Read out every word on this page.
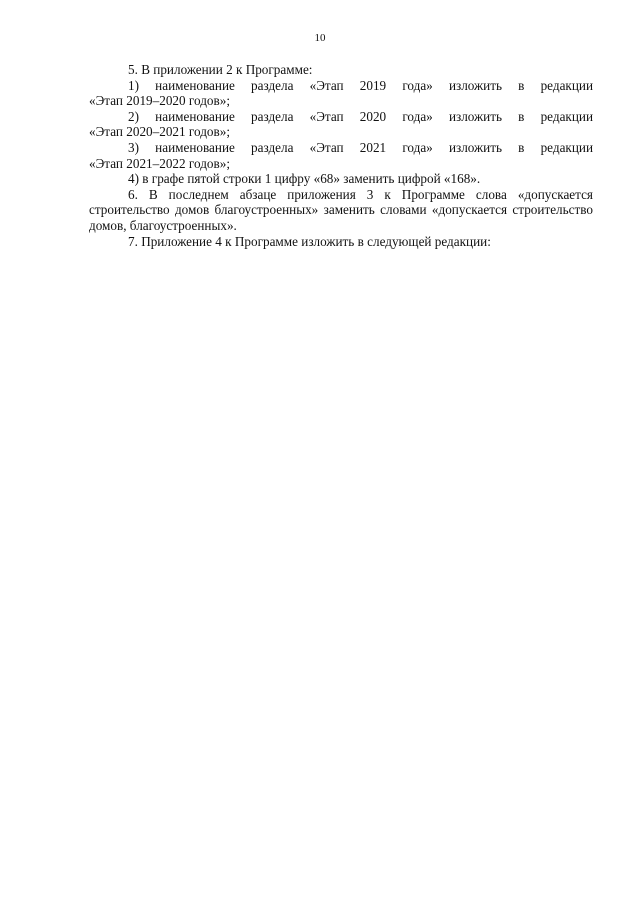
10

5. В приложении 2 к Программе:

1) наименование раздела «Этап 2019 года» изложить в редакции

«Этап 2019–2020 годов»;

2) наименование раздела «Этап 2020 года» изложить в редакции

«Этап 2020–2021 годов»;

3) наименование раздела «Этап 2021 года» изложить в редакции

«Этап 2021–2022 годов»;

4) в графе пятой строки 1 цифру «68» заменить цифрой «168».

6. В последнем абзаце приложения 3 к Программе слова «допускается строительство домов благоустроенных» заменить словами «допускается строительство домов, благоустроенных».

7. Приложение 4 к Программе изложить в следующей редакции:
